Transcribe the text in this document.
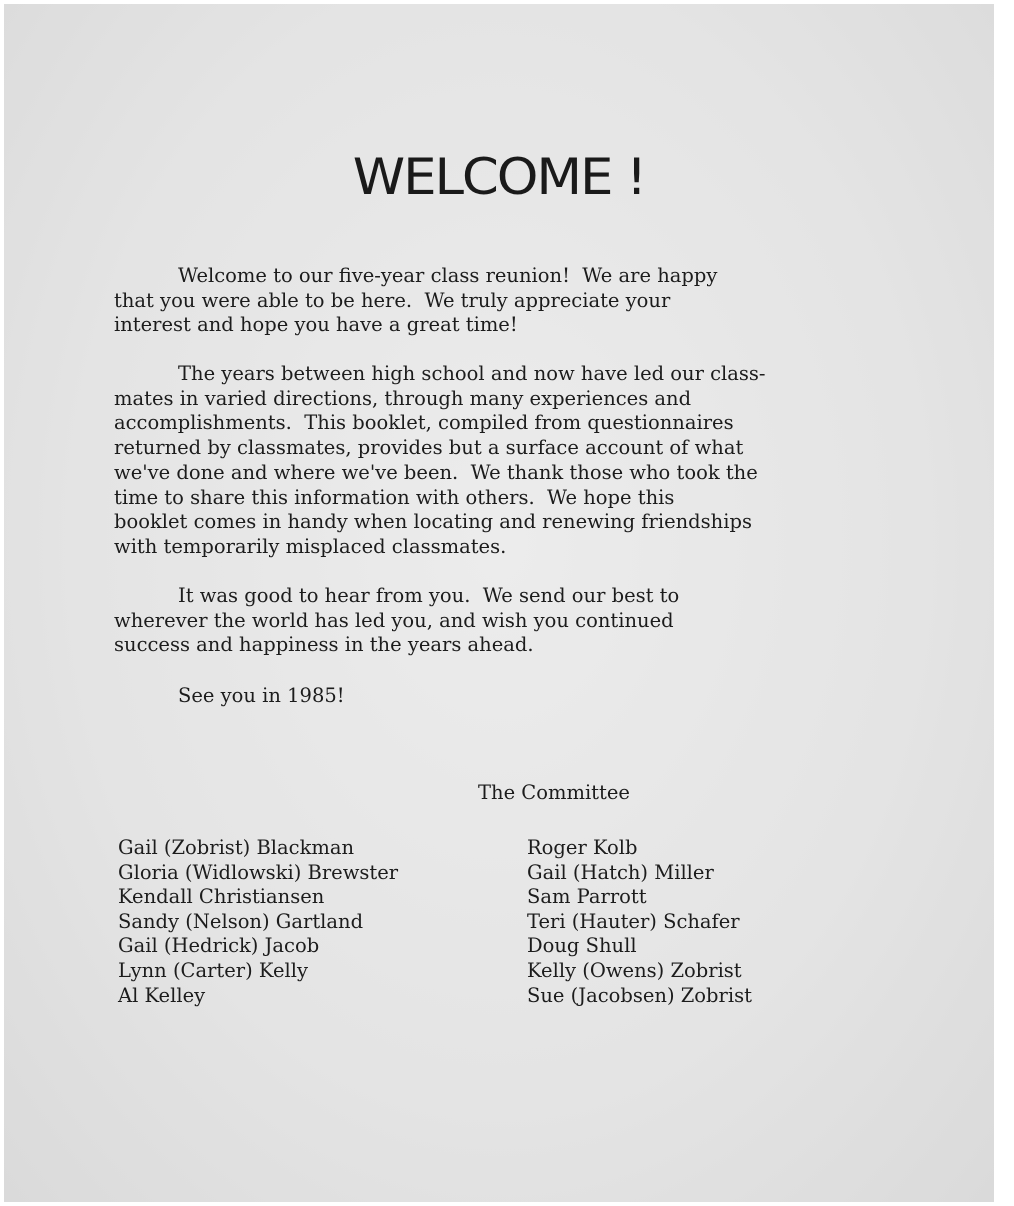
WELCOME !

Welcome to our five-year class reunion!  We are happy
that you were able to be here.  We truly appreciate your
interest and hope you have a great time!

The years between high school and now have led our class-
mates in varied directions, through many experiences and
accomplishments.  This booklet, compiled from questionnaires
returned by classmates, provides but a surface account of what
we've done and where we've been.  We thank those who took the
time to share this information with others.  We hope this
booklet comes in handy when locating and renewing friendships
with temporarily misplaced classmates.

It was good to hear from you.  We send our best to
wherever the world has led you, and wish you continued
success and happiness in the years ahead.

See you in 1985!

The Committee

Gail (Zobrist) Blackman
Gloria (Widlowski) Brewster
Kendall Christiansen
Sandy (Nelson) Gartland
Gail (Hedrick) Jacob
Lynn (Carter) Kelly
Al Kelley
Roger Kolb
Gail (Hatch) Miller
Sam Parrott
Teri (Hauter) Schafer
Doug Shull
Kelly (Owens) Zobrist
Sue (Jacobsen) Zobrist
